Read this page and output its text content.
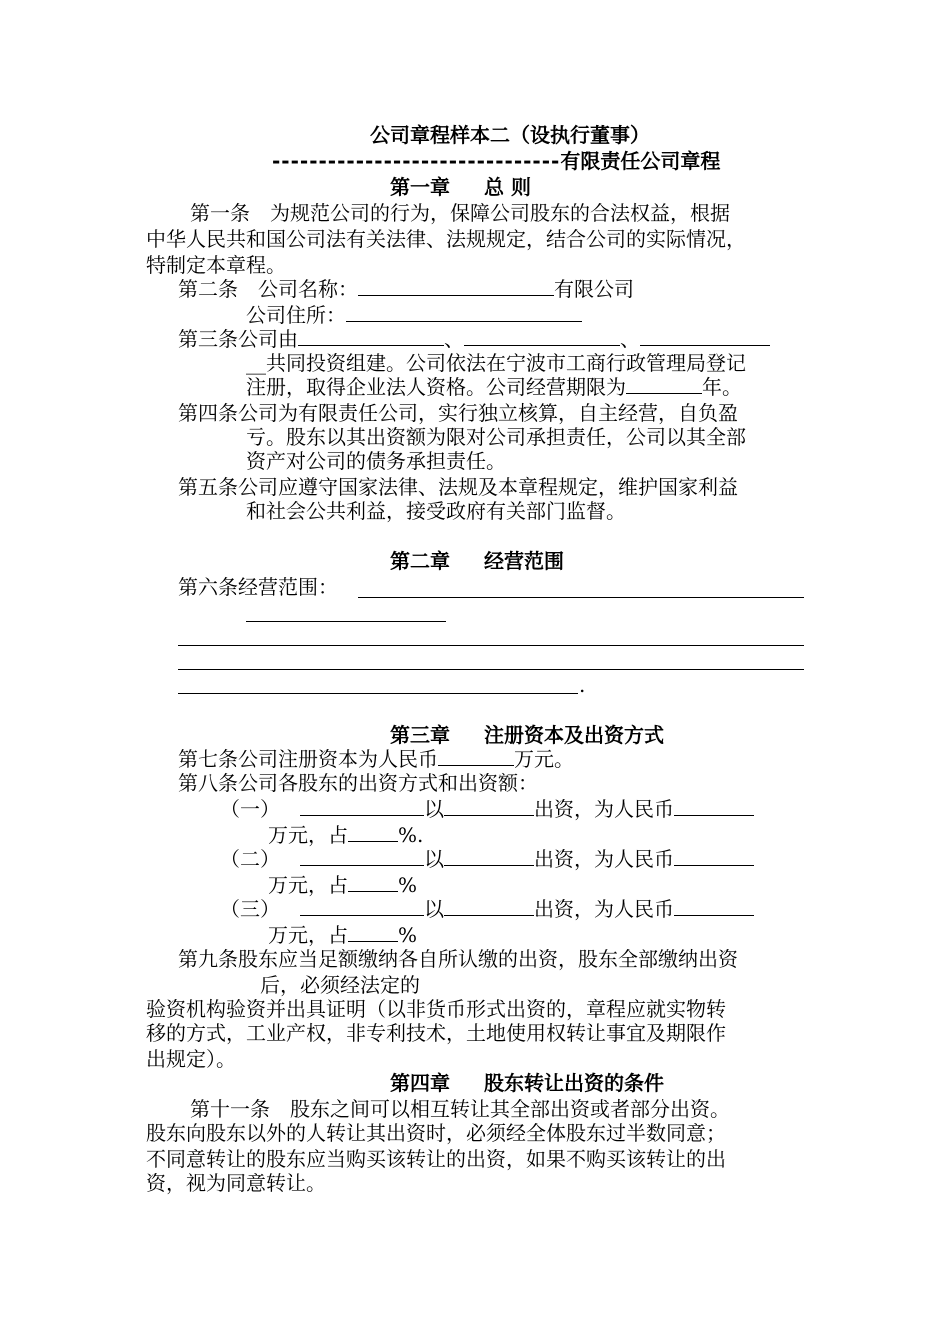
公司章程样本二（设执行董事）
-------------------------------有限责任公司章程
第一章 总 则
第一条　为规范公司的行为，保障公司股东的合法权益，根据
中华人民共和国公司法有关法律、法规规定，结合公司的实际情况，
特制定本章程。
第二条　公司名称：	有限公司
公司住所：
第三条公司由	、	、
__共同投资组建。公司依法在宁波市工商行政管理局登记
注册，取得企业法人资格。公司经营期限为	年。
第四条公司为有限责任公司，实行独立核算，自主经营，自负盈
亏。股东以其出资额为限对公司承担责任，公司以其全部
资产对公司的债务承担责任。
第五条公司应遵守国家法律、法规及本章程规定，维护国家利益
和社会公共利益，接受政府有关部门监督。
第二章 经营范围
第六条经营范围：
.
第三章 注册资本及出资方式
第七条公司注册资本为人民币	万元。
第八条公司各股东的出资方式和出资额：
（一）	以	出资，为人民币
万元，占	%.
（二）	以	出资，为人民币
万元，占	%
（三）	以	出资，为人民币
万元，占	%
第九条股东应当足额缴纳各自所认缴的出资，股东全部缴纳出资
后，必须经法定的
验资机构验资并出具证明（以非货币形式出资的，章程应就实物转
移的方式，工业产权，非专利技术，土地使用权转让事宜及期限作
出规定）。
第四章 股东转让出资的条件
第十一条　股东之间可以相互转让其全部出资或者部分出资。
股东向股东以外的人转让其出资时，必须经全体股东过半数同意；
不同意转让的股东应当购买该转让的出资，如果不购买该转让的出
资，视为同意转让。
